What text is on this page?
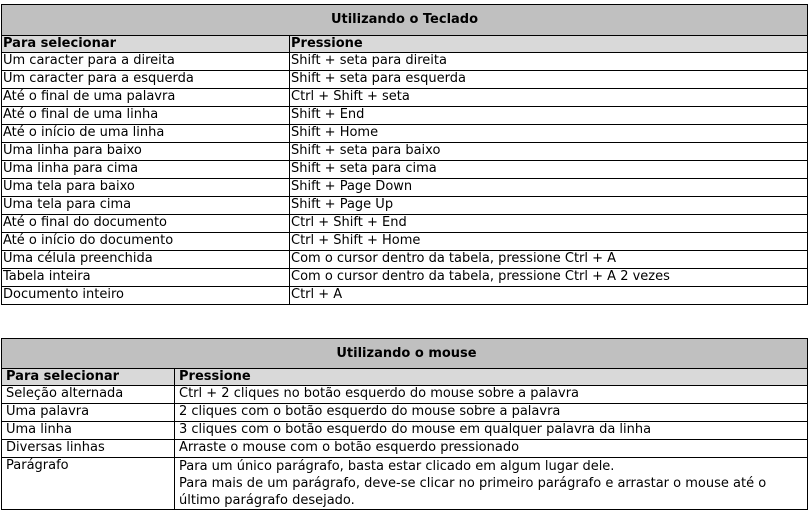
Utilizando o Teclado	
Para selecionar	Pressione
Um caracter para a direita	Shift + seta para direita
Um caracter para a esquerda	Shift + seta para esquerda
Até o final de uma palavra	Ctrl + Shift + seta
Até o final de uma linha	Shift + End
Até o início de uma linha	Shift + Home
Uma linha para baixo	Shift + seta para baixo
Uma linha para cima	Shift + seta para cima
Uma tela para baixo	Shift + Page Down
Uma tela para cima	Shift + Page Up
Até o final do documento	Ctrl + Shift + End
Até o início do documento	Ctrl + Shift + Home
Uma célula preenchida	Com o cursor dentro da tabela, pressione Ctrl + A
Tabela inteira	Com o cursor dentro da tabela, pressione Ctrl + A 2 vezes
Documento inteiro	Ctrl + A
Utilizando o mouse	
Para selecionar	Pressione
Seleção alternada	Ctrl + 2 cliques no botão esquerdo do mouse sobre a palavra
Uma palavra	2 cliques com o botão esquerdo do mouse sobre a palavra
Uma linha	3 cliques com o botão esquerdo do mouse em qualquer palavra da linha
Diversas linhas	Arraste o mouse com o botão esquerdo pressionado
Parágrafo	Para um único parágrafo, basta estar clicado em algum lugar dele.
Para mais de um parágrafo, deve-se clicar no primeiro parágrafo e arrastar o mouse até o último parágrafo desejado.
